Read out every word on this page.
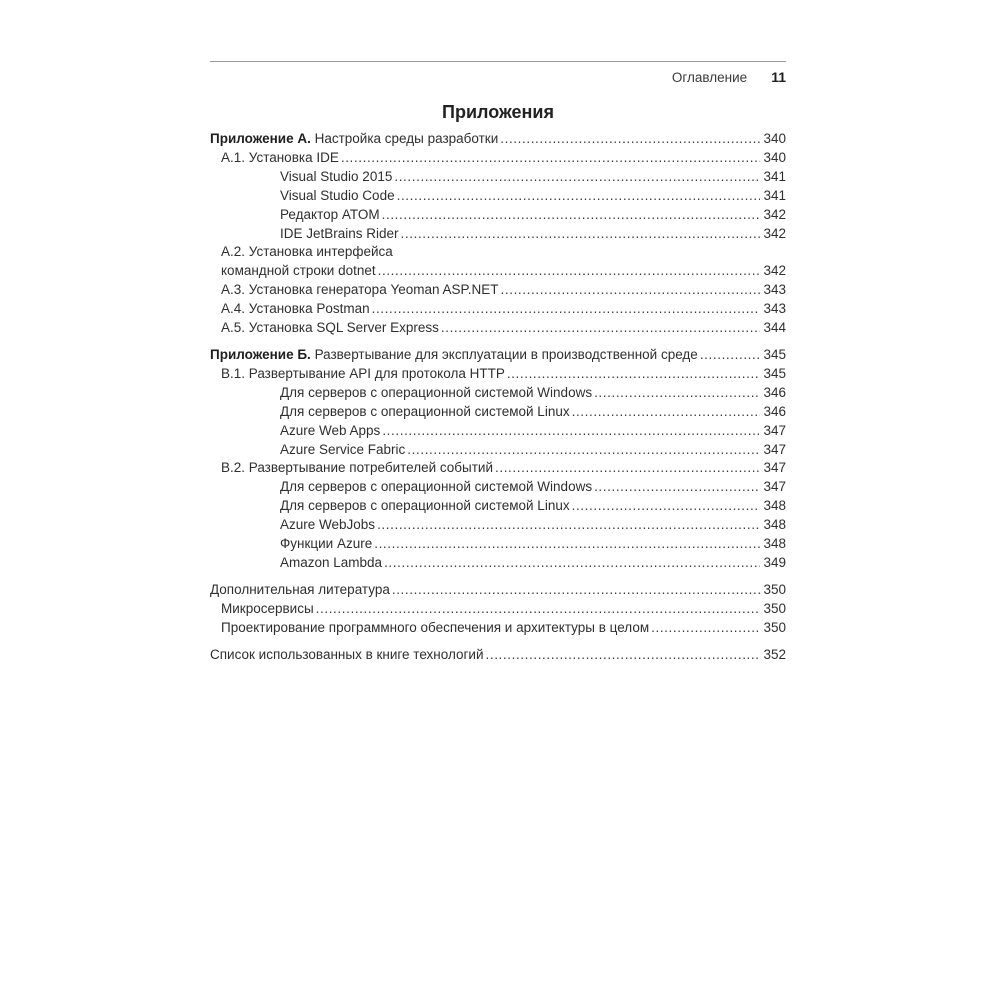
Оглавление 11
Приложения
Приложение А. Настройка среды разработки .....	340
А.1. Установка IDE .....	340
Visual Studio 2015 .....	341
Visual Studio Code .....	341
Редактор ATOM .....	342
IDE JetBrains Rider .....	342
А.2. Установка интерфейса
командной строки dotnet .....	342
А.3. Установка генератора Yeoman ASP.NET .....	343
А.4. Установка Postman .....	343
А.5. Установка SQL Server Express .....	344
Приложение Б. Развертывание для эксплуатации в производственной среде .....	345
В.1. Развертывание API для протокола HTTP .....	345
Для серверов с операционной системой Windows .....	346
Для серверов с операционной системой Linux .....	346
Azure Web Apps .....	347
Azure Service Fabric .....	347
В.2. Развертывание потребителей событий .....	347
Для серверов с операционной системой Windows .....	347
Для серверов с операционной системой Linux .....	348
Azure WebJobs .....	348
Функции Azure .....	348
Amazon Lambda .....	349
Дополнительная литература .....	350
Микросервисы .....	350
Проектирование программного обеспечения и архитектуры в целом .....	350
Список использованных в книге технологий .....	352
